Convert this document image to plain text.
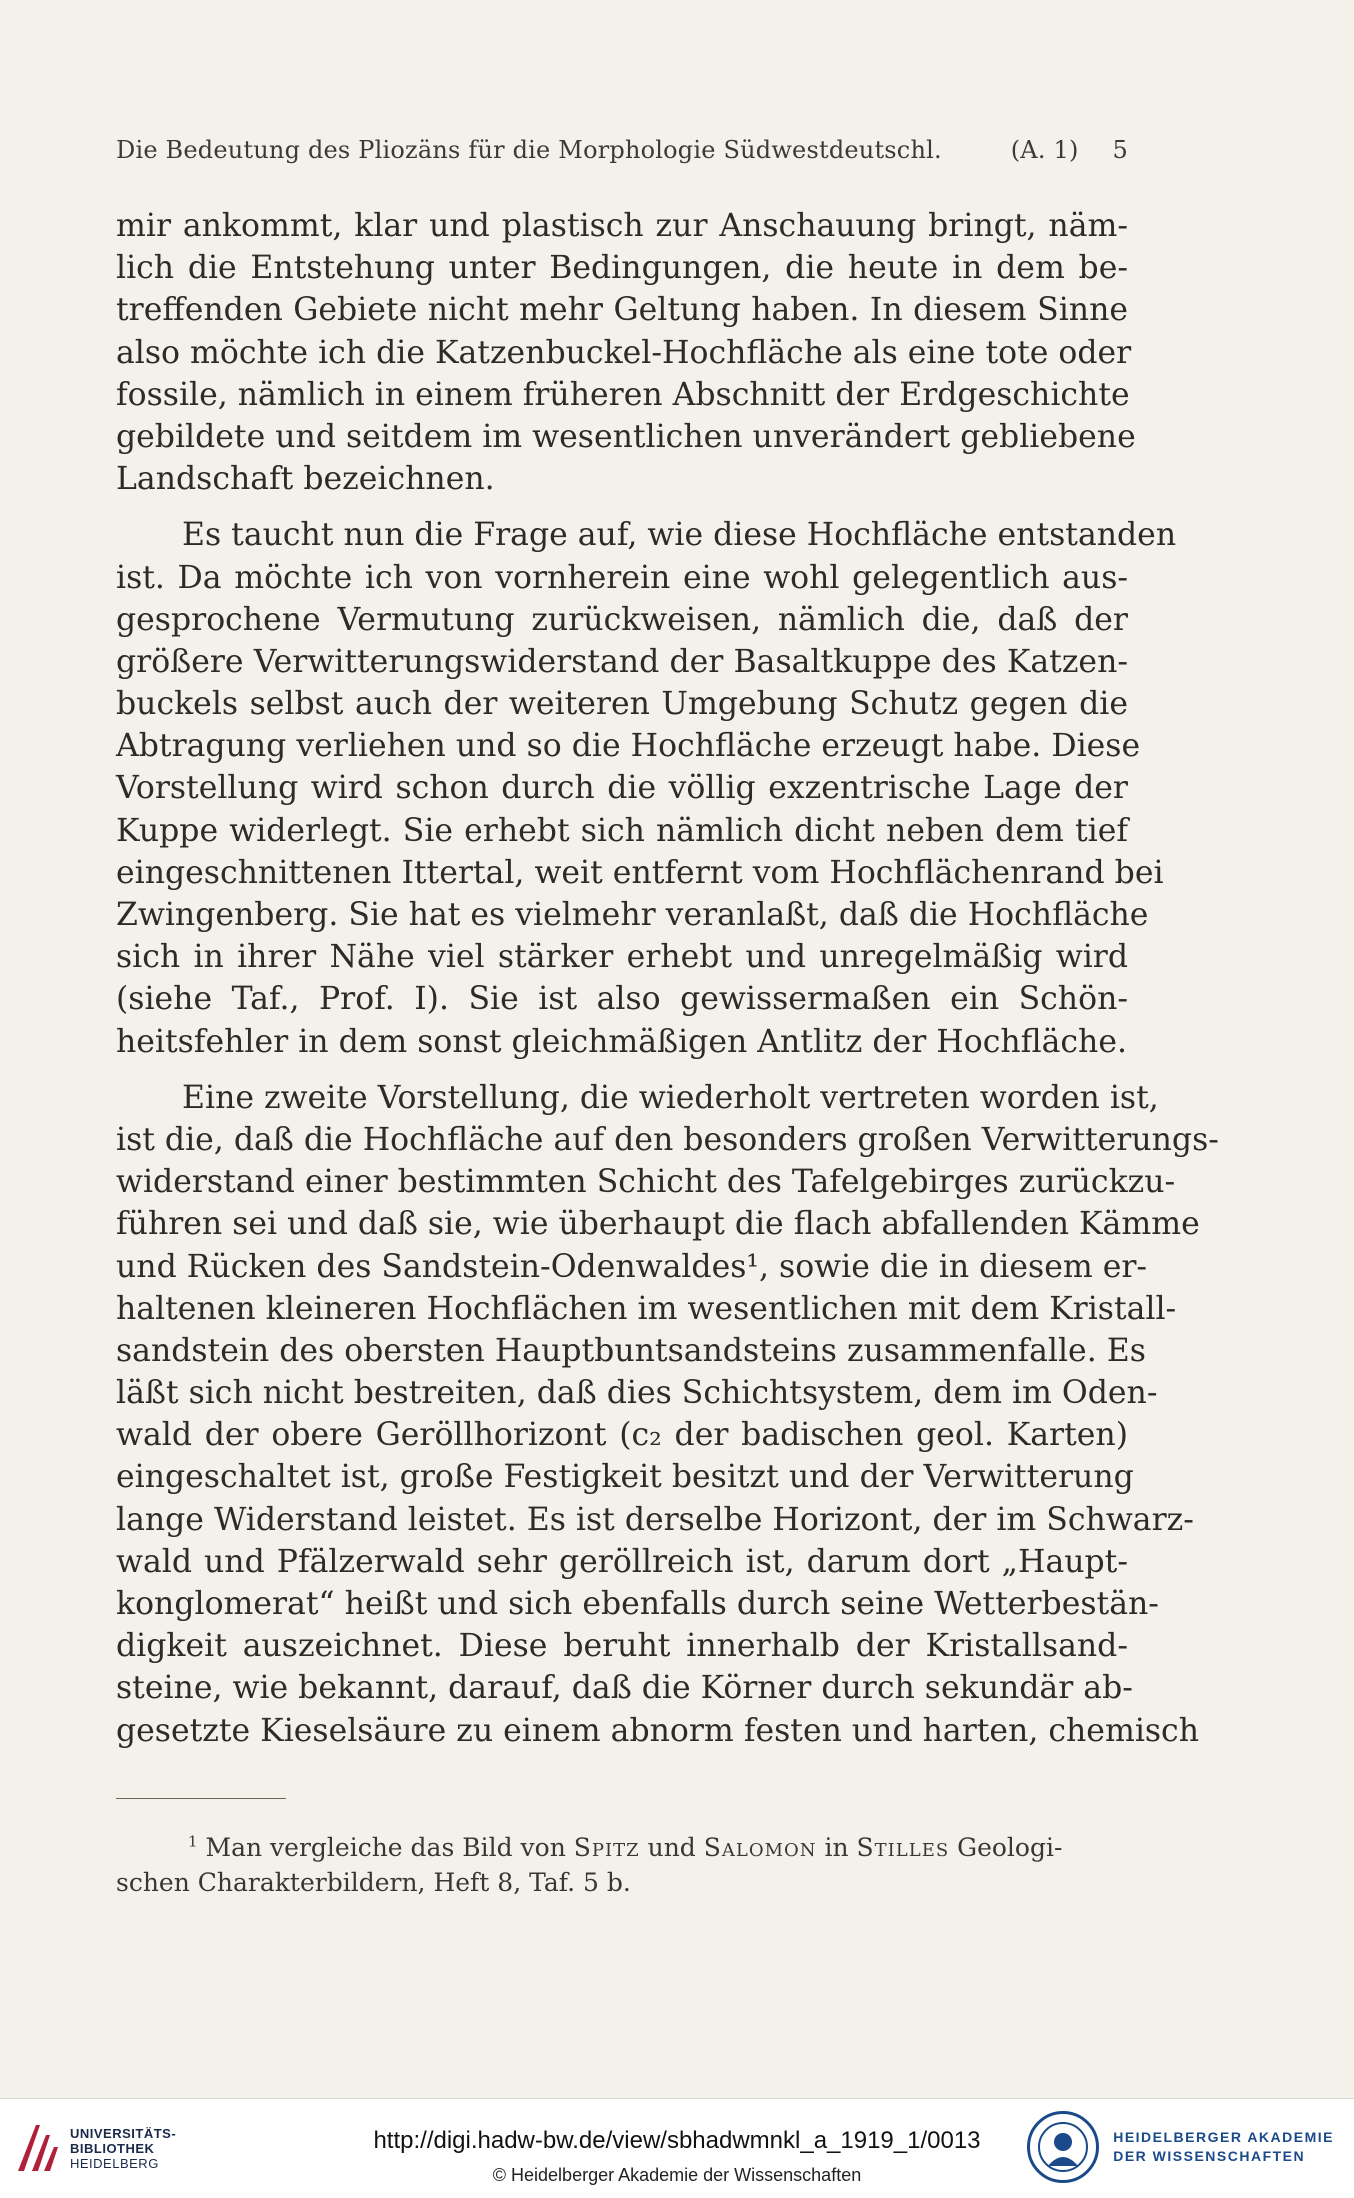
Die Bedeutung des Pliozäns für die Morphologie Südwestdeutschl.	(A. 1) 5
mir ankommt, klar und plastisch zur Anschauung bringt, näm-
lich die Entstehung unter Bedingungen, die heute in dem be-
treffenden Gebiete nicht mehr Geltung haben. In diesem Sinne
also möchte ich die Katzenbuckel-Hochfläche als eine tote oder
fossile, nämlich in einem früheren Abschnitt der Erdgeschichte
gebildete und seitdem im wesentlichen unverändert gebliebene
Landschaft bezeichnen.
Es taucht nun die Frage auf, wie diese Hochfläche entstanden
ist. Da möchte ich von vornherein eine wohl gelegentlich aus-
gesprochene Vermutung zurückweisen, nämlich die, daß der
größere Verwitterungswiderstand der Basaltkuppe des Katzen-
buckels selbst auch der weiteren Umgebung Schutz gegen die
Abtragung verliehen und so die Hochfläche erzeugt habe. Diese
Vorstellung wird schon durch die völlig exzentrische Lage der
Kuppe widerlegt. Sie erhebt sich nämlich dicht neben dem tief
eingeschnittenen Ittertal, weit entfernt vom Hochflächenrand bei
Zwingenberg. Sie hat es vielmehr veranlaßt, daß die Hochfläche
sich in ihrer Nähe viel stärker erhebt und unregelmäßig wird
(siehe Taf., Prof. I). Sie ist also gewissermaßen ein Schön-
heitsfehler in dem sonst gleichmäßigen Antlitz der Hochfläche.
Eine zweite Vorstellung, die wiederholt vertreten worden ist,
ist die, daß die Hochfläche auf den besonders großen Verwitterungs-
widerstand einer bestimmten Schicht des Tafelgebirges zurückzu-
führen sei und daß sie, wie überhaupt die flach abfallenden Kämme
und Rücken des Sandstein-Odenwaldes¹, sowie die in diesem er-
haltenen kleineren Hochflächen im wesentlichen mit dem Kristall-
sandstein des obersten Hauptbuntsandsteins zusammenfalle. Es
läßt sich nicht bestreiten, daß dies Schichtsystem, dem im Oden-
wald der obere Geröllhorizont (c₂ der badischen geol. Karten)
eingeschaltet ist, große Festigkeit besitzt und der Verwitterung
lange Widerstand leistet. Es ist derselbe Horizont, der im Schwarz-
wald und Pfälzerwald sehr geröllreich ist, darum dort „Haupt-
konglomerat“ heißt und sich ebenfalls durch seine Wetterbestän-
digkeit auszeichnet. Diese beruht innerhalb der Kristallsand-
steine, wie bekannt, darauf, daß die Körner durch sekundär ab-
gesetzte Kieselsäure zu einem abnorm festen und harten, chemisch
$^1$ Man vergleiche das Bild von Spitz und Salomon in Stilles Geologi-
schen Charakterbildern, Heft 8, Taf. 5 b.
UNIVERSITÄTS-
BIBLIOTHEK
HEIDELBERG
http://digi.hadw-bw.de/view/sbhadwmnkl_a_1919_1/0013
© Heidelberger Akademie der Wissenschaften
HEIDELBERGER AKADEMIE
DER WISSENSCHAFTEN
